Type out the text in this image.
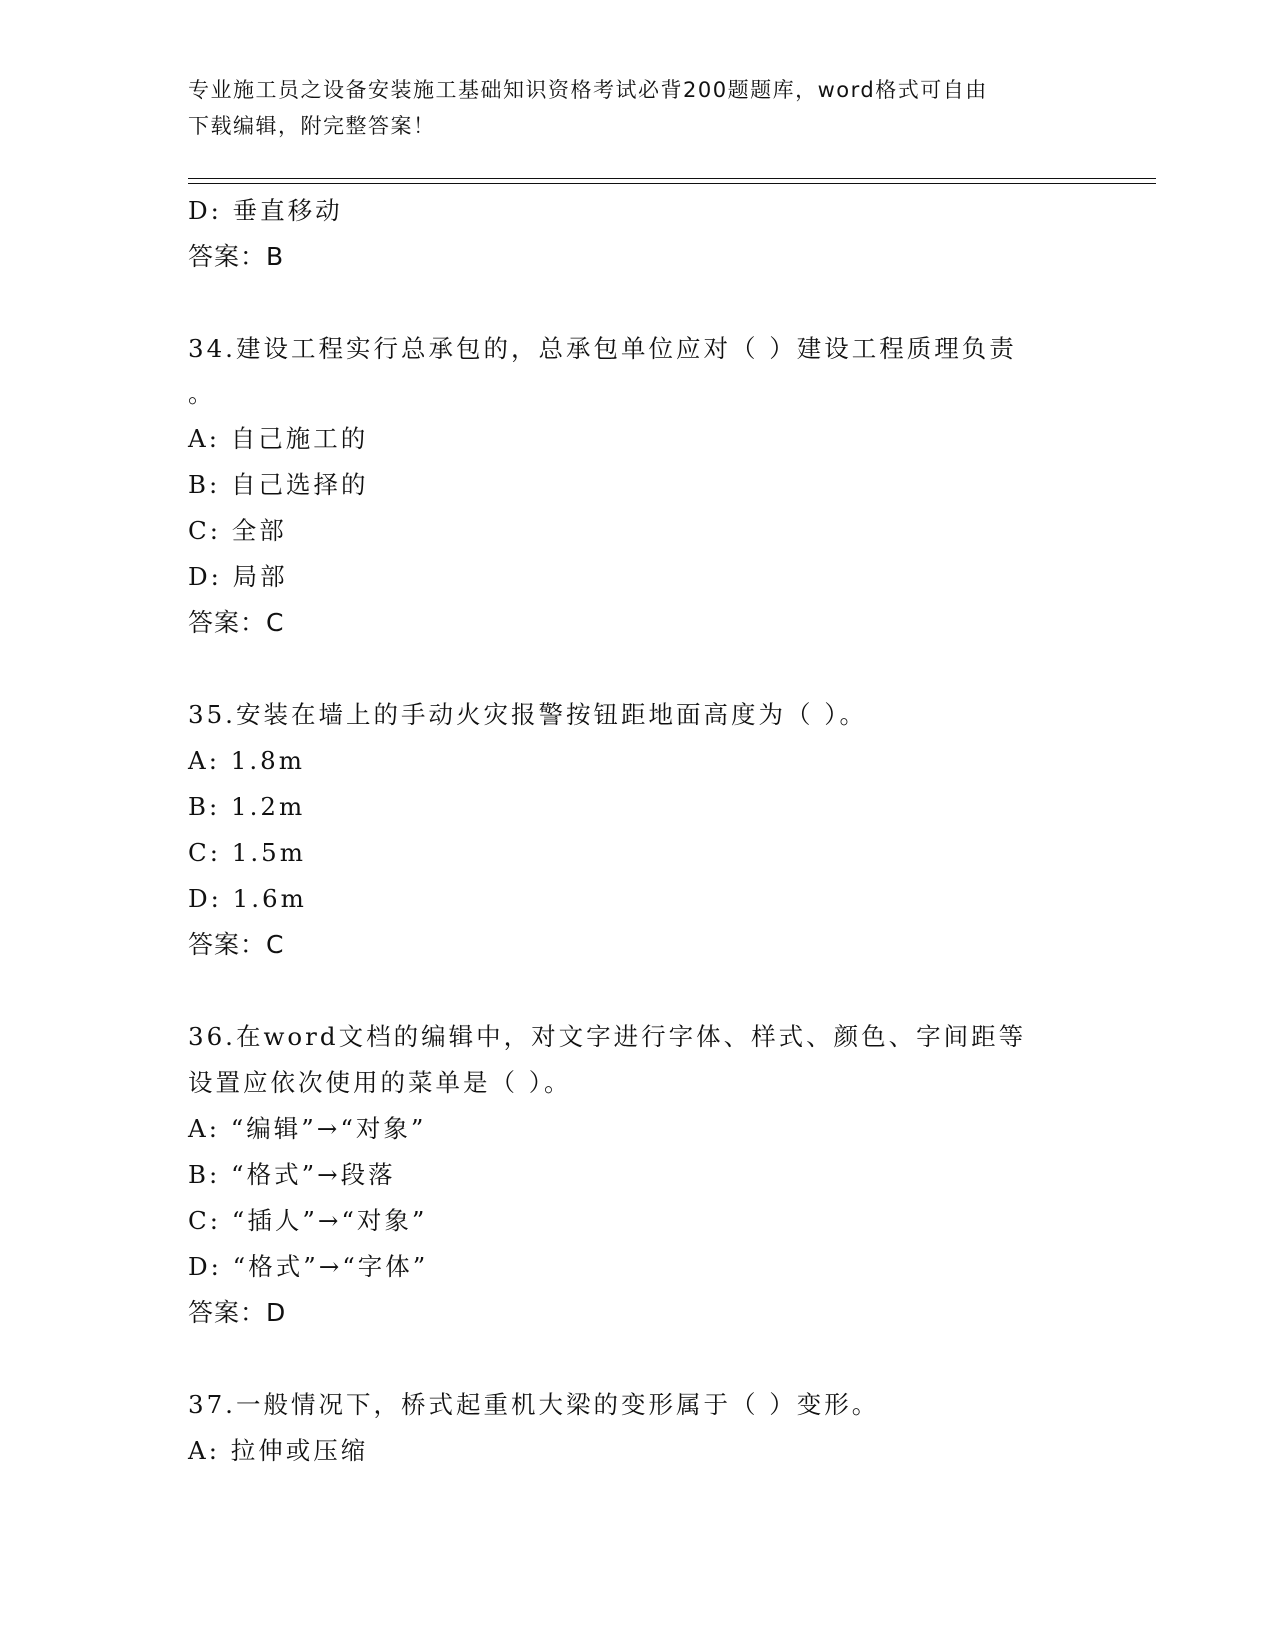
专业施工员之设备安装施工基础知识资格考试必背200题题库，word格式可自由
下载编辑，附完整答案！
D: 垂直移动
答案：B
34.建设工程实行总承包的，总承包单位应对（ ）建设工程质理负责
。
A: 自己施工的
B: 自己选择的
C: 全部
D: 局部
答案：C
35.安装在墙上的手动火灾报警按钮距地面高度为（ ）。
A: 1.8m
B: 1.2m
C: 1.5m
D: 1.6m
答案：C
36.在word文档的编辑中，对文字进行字体、样式、颜色、字间距等
设置应依次使用的菜单是（ ）。
A: “编辑”→“对象”
B: “格式”→段落
C: “插人”→“对象”
D: “格式”→“字体”
答案：D
37.一般情况下，桥式起重机大梁的变形属于（ ）变形。
A: 拉伸或压缩
